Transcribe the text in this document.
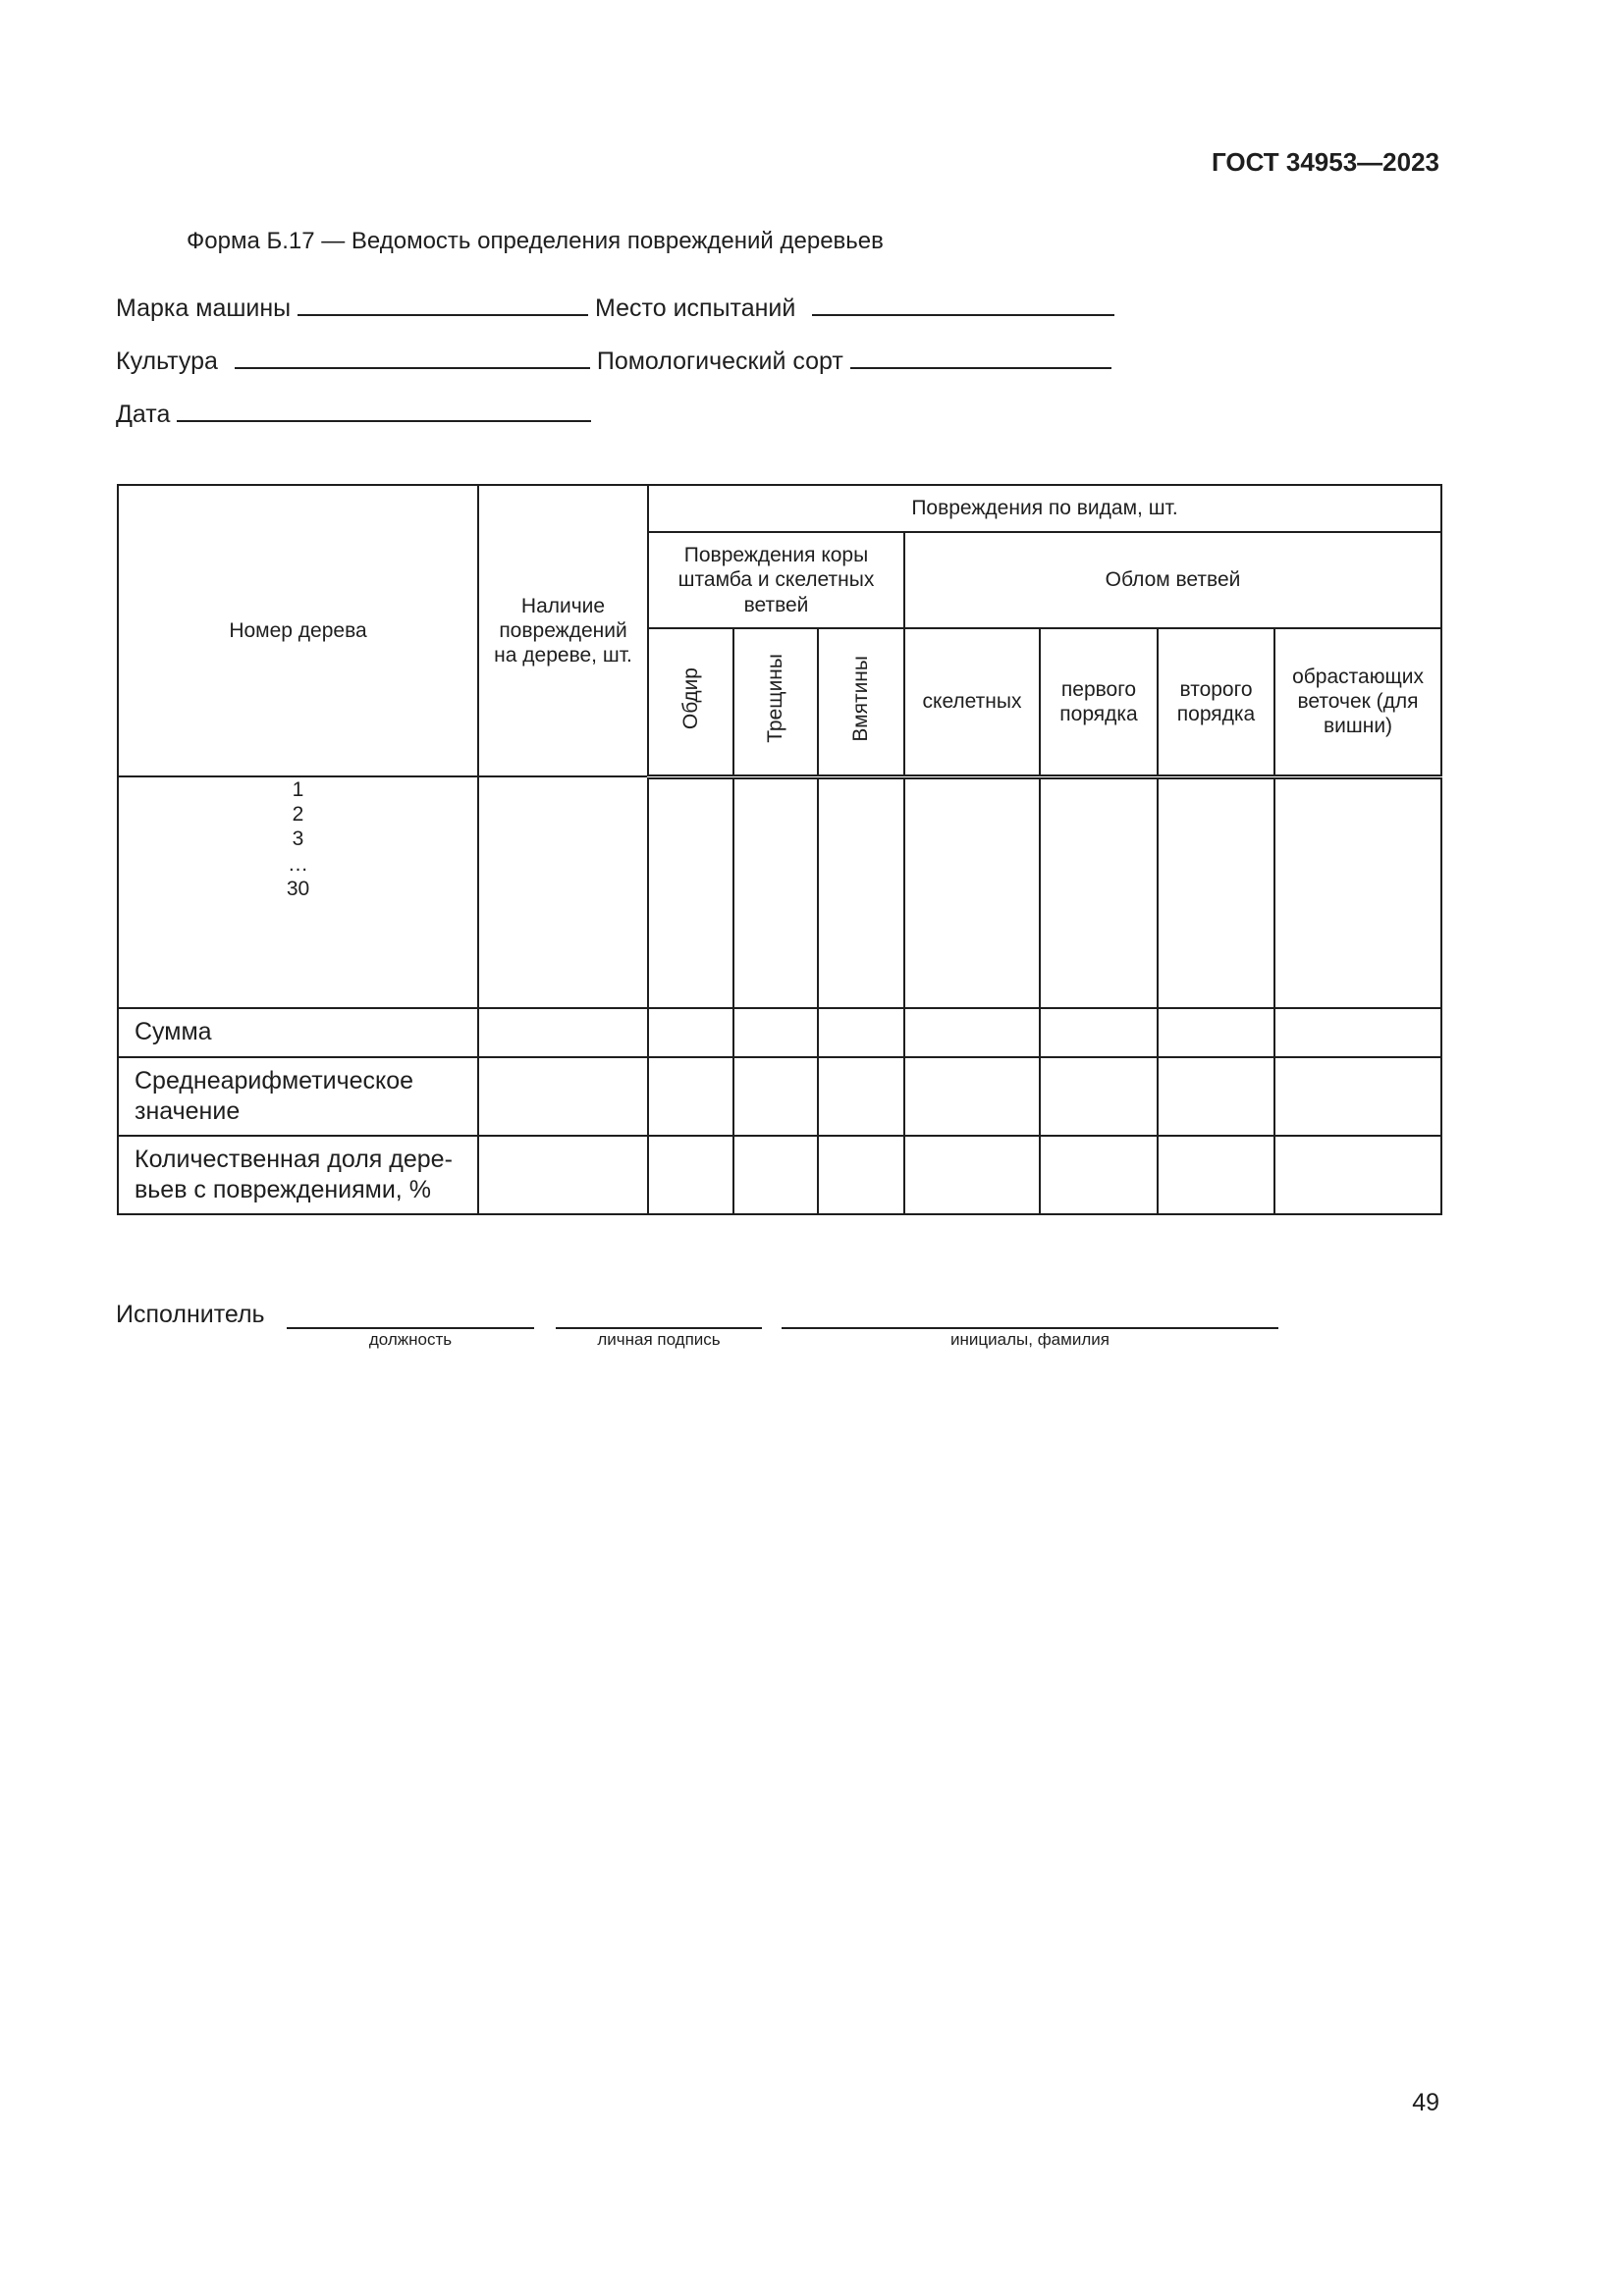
ГОСТ 34953—2023
Форма Б.17 — Ведомость определения повреждений деревьев
Марка машины	Место испытаний
Культура	Помологический сорт
Дата
Номер дерева	Наличие повреждений на дереве, шт.	Повреждения по видам, шт.						
		Повреждения коры штамба и скелетных ветвей			Облом ветвей			
		Обдир	Трещины	Вмятины	скелетных	первого порядка	второго порядка	обрастающих веточек (для вишни)

1
2
3
…
30								

Сумма								
Среднеарифметическое значение								
Количественная доля дере-вьев с повреждениями, %								
Исполнитель
должность	личная подпись	инициалы, фамилия
49
